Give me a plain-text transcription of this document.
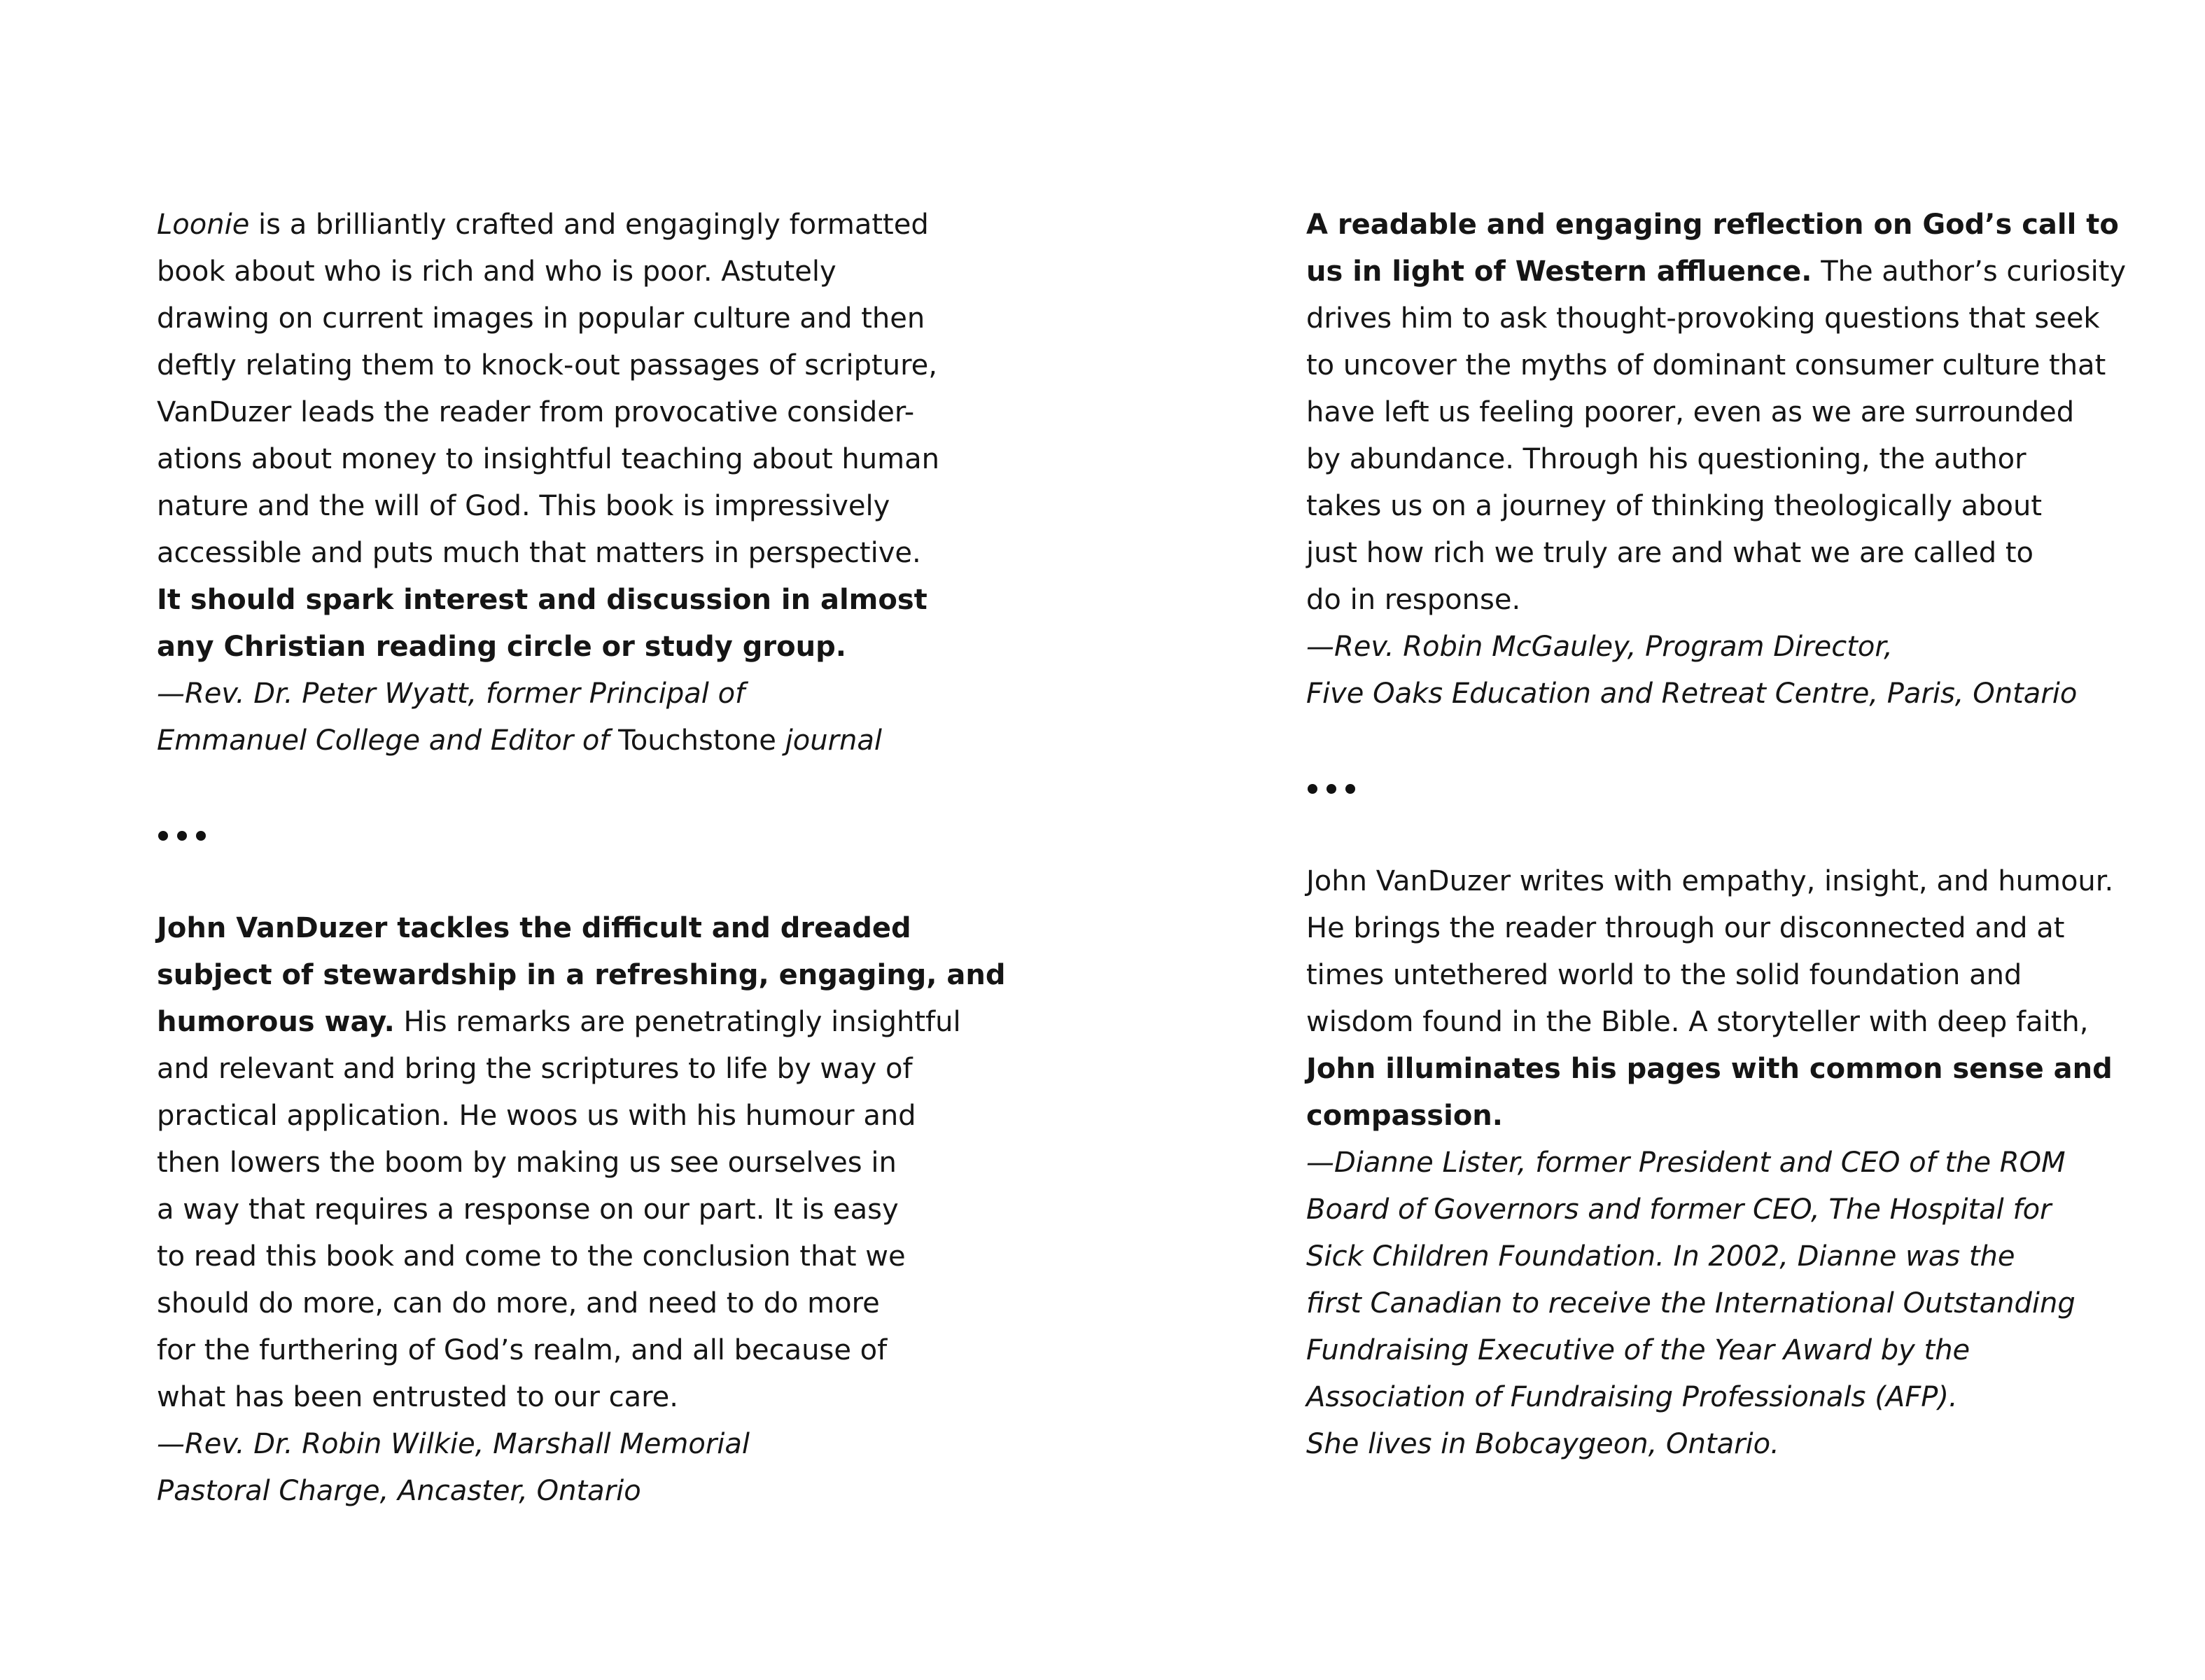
Loonie is a brilliantly crafted and engagingly formatted
book about who is rich and who is poor. Astutely
drawing on current images in popular culture and then
deftly relating them to knock-out passages of scripture,
VanDuzer leads the reader from provocative consider-
ations about money to insightful teaching about human
nature and the will of God. This book is impressively
accessible and puts much that matters in perspective.
It should spark interest and discussion in almost
any Christian reading circle or study group.
—Rev. Dr. Peter Wyatt, former Principal of
Emmanuel College and Editor of Touchstone journal
John VanDuzer tackles the difficult and dreaded
subject of stewardship in a refreshing, engaging, and
humorous way. His remarks are penetratingly insightful
and relevant and bring the scriptures to life by way of
practical application. He woos us with his humour and
then lowers the boom by making us see ourselves in
a way that requires a response on our part. It is easy
to read this book and come to the conclusion that we
should do more, can do more, and need to do more
for the furthering of God’s realm, and all because of
what has been entrusted to our care.
—Rev. Dr. Robin Wilkie, Marshall Memorial
Pastoral Charge, Ancaster, Ontario
A readable and engaging reflection on God’s call to
us in light of Western affluence. The author’s curiosity
drives him to ask thought-provoking questions that seek
to uncover the myths of dominant consumer culture that
have left us feeling poorer, even as we are surrounded
by abundance. Through his questioning, the author
takes us on a journey of thinking theologically about
just how rich we truly are and what we are called to
do in response.
—Rev. Robin McGauley, Program Director,
Five Oaks Education and Retreat Centre, Paris, Ontario
John VanDuzer writes with empathy, insight, and humour.
He brings the reader through our disconnected and at
times untethered world to the solid foundation and
wisdom found in the Bible. A storyteller with deep faith,
John illuminates his pages with common sense and
compassion.
—Dianne Lister, former President and CEO of the ROM
Board of Governors and former CEO, The Hospital for
Sick Children Foundation. In 2002, Dianne was the
first Canadian to receive the International Outstanding
Fundraising Executive of the Year Award by the
Association of Fundraising Professionals (AFP).
She lives in Bobcaygeon, Ontario.
